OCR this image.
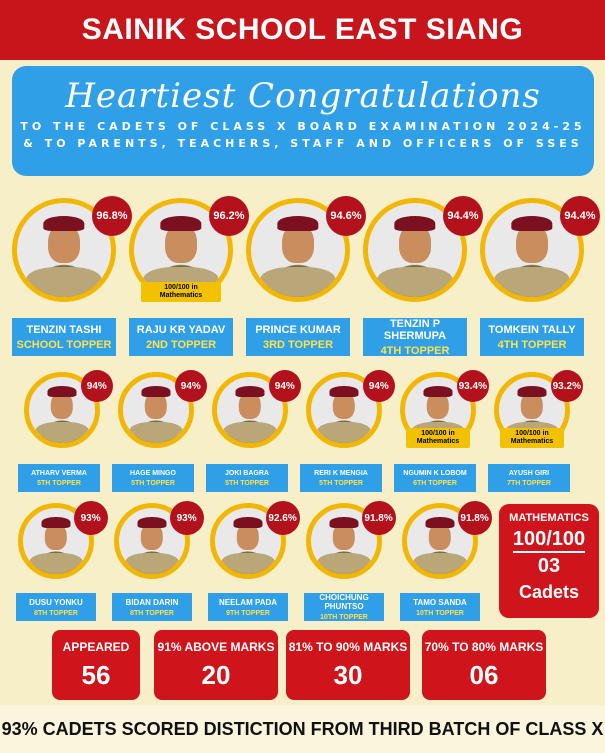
SAINIK SCHOOL EAST SIANG
Heartiest Congratulations
TO THE CADETS OF CLASS X BOARD EXAMINATION 2024-25
& TO PARENTS, TEACHERS, STAFF AND OFFICERS OF SSES
96.8%
TENZIN TASHI
SCHOOL TOPPER
96.2%
100/100 in Mathematics
RAJU KR YADAV
2ND TOPPER
94.6%
PRINCE KUMAR
3RD TOPPER
94.4%
TENZIN P SHERMUPA
4TH TOPPER
94.4%
TOMKEIN TALLY
4TH TOPPER
94%
ATHARV VERMA
5TH TOPPER
94%
HAGE MINGO
5TH TOPPER
94%
JOKI BAGRA
5TH TOPPER
94%
RERI K MENGIA
5TH TOPPER
93.4%
100/100 in Mathematics
NGUMIN K LOBOM
6TH TOPPER
93.2%
100/100 in Mathematics
AYUSH GIRI
7TH TOPPER
93%
DUSU YONKU
8TH TOPPER
93%
BIDAN DARIN
8TH TOPPER
92.6%
NEELAM PADA
9TH TOPPER
91.8%
CHOICHUNG PHUNTSO
10TH TOPPER
91.8%
TAMO SANDA
10TH TOPPER
MATHEMATICS
100/100
03
Cadets
APPEARED
56
91% ABOVE MARKS
20
81% TO 90% MARKS
30
70% TO 80% MARKS
06
93% CADETS SCORED DISTICTION FROM THIRD BATCH OF CLASS X
